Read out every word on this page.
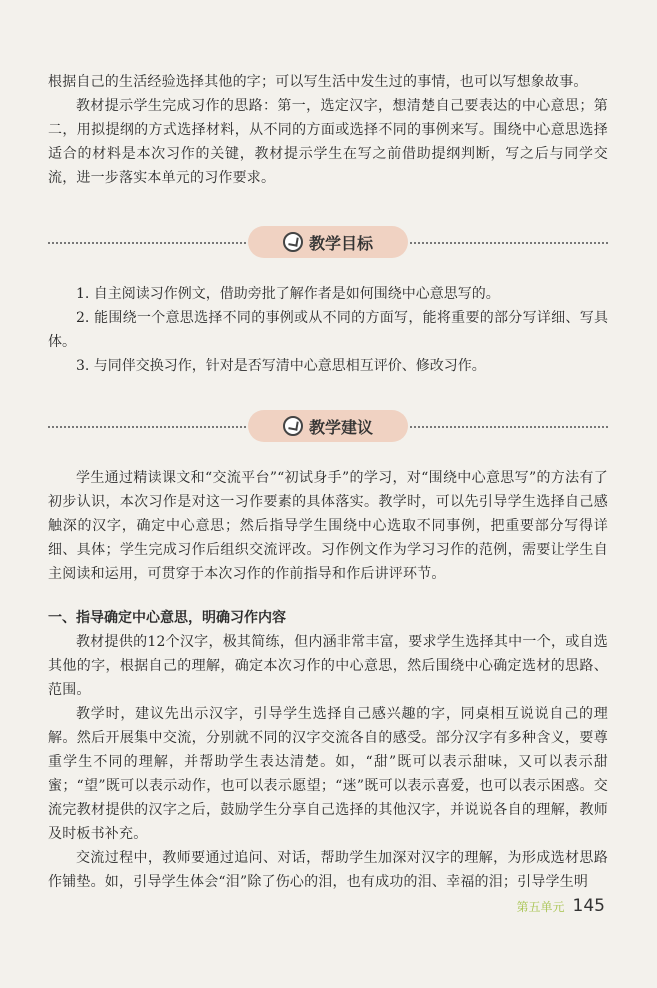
根据自己的生活经验选择其他的字；可以写生活中发生过的事情，也可以写想象故事。

教材提示学生完成习作的思路：第一，选定汉字，想清楚自己要表达的中心意思；第二，用拟提纲的方式选择材料，从不同的方面或选择不同的事例来写。围绕中心意思选择适合的材料是本次习作的关键，教材提示学生在写之前借助提纲判断，写之后与同学交流，进一步落实本单元的习作要求。

教学目标

1. 自主阅读习作例文，借助旁批了解作者是如何围绕中心意思写的。

2. 能围绕一个意思选择不同的事例或从不同的方面写，能将重要的部分写详细、写具体。

3. 与同伴交换习作，针对是否写清中心意思相互评价、修改习作。

教学建议

学生通过精读课文和“交流平台”“初试身手”的学习，对“围绕中心意思写”的方法有了初步认识，本次习作是对这一习作要素的具体落实。教学时，可以先引导学生选择自己感触深的汉字，确定中心意思；然后指导学生围绕中心选取不同事例，把重要部分写得详细、具体；学生完成习作后组织交流评改。习作例文作为学习习作的范例，需要让学生自主阅读和运用，可贯穿于本次习作的作前指导和作后讲评环节。

一、指导确定中心意思，明确习作内容

教材提供的12个汉字，极其简练，但内涵非常丰富，要求学生选择其中一个，或自选其他的字，根据自己的理解，确定本次习作的中心意思，然后围绕中心确定选材的思路、范围。

教学时，建议先出示汉字，引导学生选择自己感兴趣的字，同桌相互说说自己的理解。然后开展集中交流，分别就不同的汉字交流各自的感受。部分汉字有多种含义，要尊重学生不同的理解，并帮助学生表达清楚。如，“甜”既可以表示甜味，又可以表示甜蜜；“望”既可以表示动作，也可以表示愿望；“迷”既可以表示喜爱，也可以表示困惑。交流完教材提供的汉字之后，鼓励学生分享自己选择的其他汉字，并说说各自的理解，教师及时板书补充。

交流过程中，教师要通过追问、对话，帮助学生加深对汉字的理解，为形成选材思路作铺垫。如，引导学生体会“泪”除了伤心的泪，也有成功的泪、幸福的泪；引导学生明

第五单元 145
